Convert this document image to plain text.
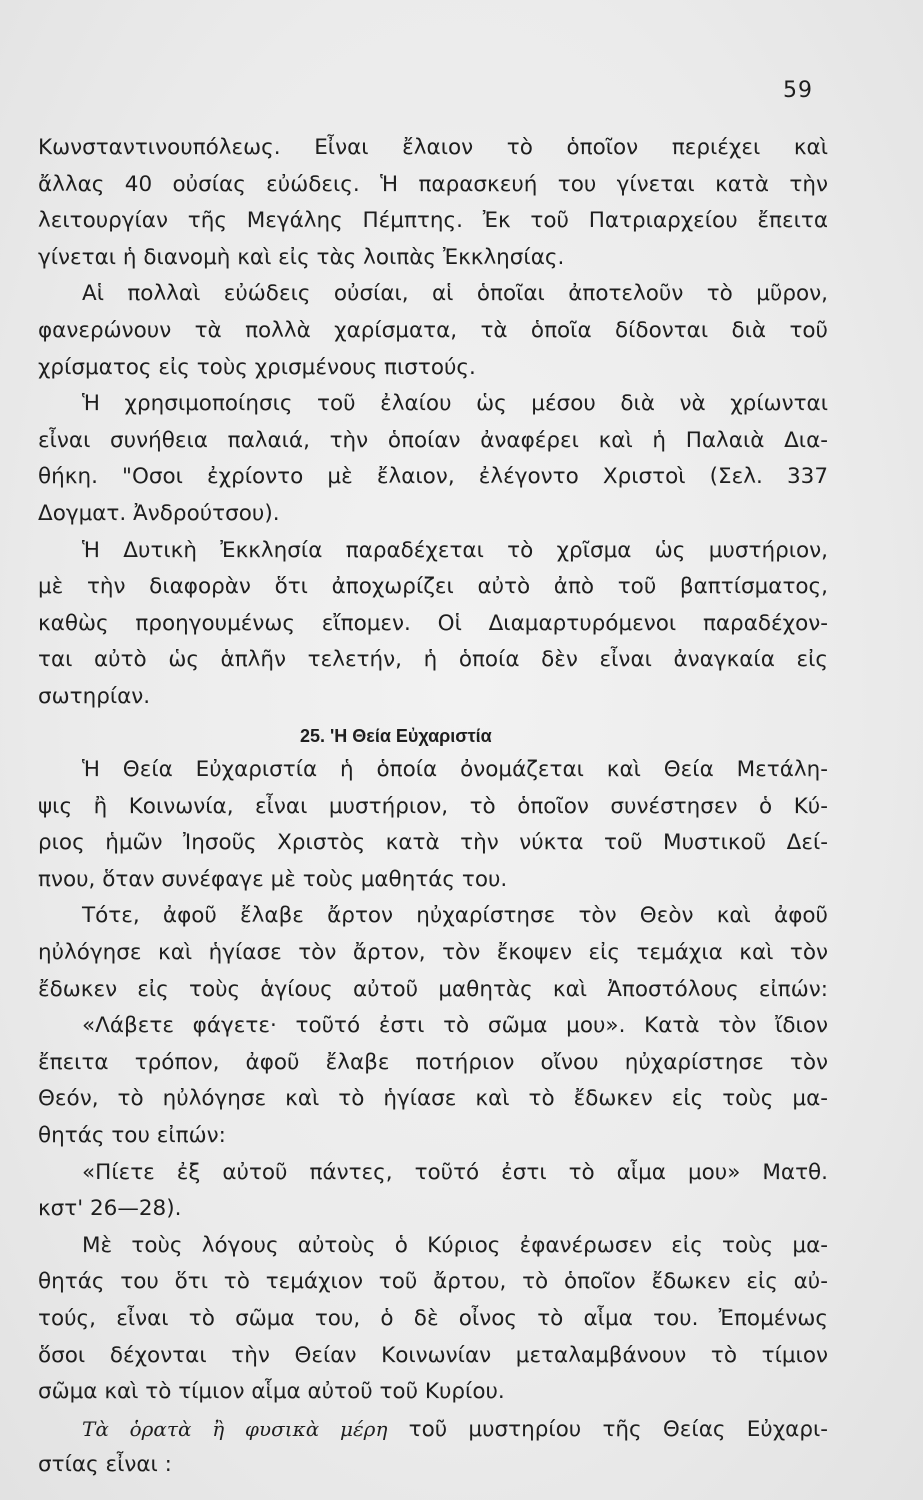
59
Κωνσταντινουπόλεως. Εἶναι ἔλαιον τὸ ὁποῖον περιέχει καὶ
ἄλλας 40 οὐσίας εὐώδεις. Ἡ παρασκευή του γίνεται κατὰ τὴν
λειτουργίαν τῆς Μεγάλης Πέμπτης. Ἐκ τοῦ Πατριαρχείου ἔπειτα
γίνεται ἡ διανομὴ καὶ εἰς τὰς λοιπὰς Ἐκκλησίας.
Αἱ πολλαὶ εὐώδεις οὐσίαι, αἱ ὁποῖαι ἀποτελοῦν τὸ μῦρον,
φανερώνουν τὰ πολλὰ χαρίσματα, τὰ ὁποῖα δίδονται διὰ τοῦ
χρίσματος εἰς τοὺς χρισμένους πιστούς.
Ἡ χρησιμοποίησις τοῦ ἐλαίου ὡς μέσου διὰ νὰ χρίωνται
εἶναι συνήθεια παλαιά, τὴν ὁποίαν ἀναφέρει καὶ ἡ Παλαιὰ Δια-
θήκη. "Οσοι ἐχρίοντο μὲ ἔλαιον, ἐλέγοντο Χριστοὶ (Σελ. 337
Δογματ. Ἀνδρούτσου).
Ἡ Δυτικὴ Ἐκκλησία παραδέχεται τὸ χρῖσμα ὡς μυστήριον,
μὲ τὴν διαφορὰν ὅτι ἀποχωρίζει αὐτὸ ἀπὸ τοῦ βαπτίσματος,
καθὼς προηγουμένως εἴπομεν. Οἱ Διαμαρτυρόμενοι παραδέχον-
ται αὐτὸ ὡς ἁπλῆν τελετήν, ἡ ὁποία δὲν εἶναι ἀναγκαία εἰς
σωτηρίαν.
25. 'Η Θεία Εὐχαριστία
Ἡ Θεία Εὐχαριστία ἡ ὁποία ὀνομάζεται καὶ Θεία Μετάλη-
ψις ἢ Κοινωνία, εἶναι μυστήριον, τὸ ὁποῖον συνέστησεν ὁ Κύ-
ριος ἡμῶν Ἰησοῦς Χριστὸς κατὰ τὴν νύκτα τοῦ Μυστικοῦ Δεί-
πνου, ὅταν συνέφαγε μὲ τοὺς μαθητάς του.
Τότε, ἀφοῦ ἔλαβε ἄρτον ηὐχαρίστησε τὸν Θεὸν καὶ ἀφοῦ
ηὐλόγησε καὶ ἡγίασε τὸν ἄρτον, τὸν ἔκοψεν εἰς τεμάχια καὶ τὸν
ἔδωκεν εἰς τοὺς ἁγίους αὐτοῦ μαθητὰς καὶ Ἀποστόλους εἰπών:
«Λάβετε φάγετε· τοῦτό ἐστι τὸ σῶμα μου». Κατὰ τὸν ἴδιον
ἔπειτα τρόπον, ἀφοῦ ἔλαβε ποτήριον οἴνου ηὐχαρίστησε τὸν
Θεόν, τὸ ηὐλόγησε καὶ τὸ ἡγίασε καὶ τὸ ἔδωκεν εἰς τοὺς μα-
θητάς του εἰπών:
«Πίετε ἐξ αὐτοῦ πάντες, τοῦτό ἐστι τὸ αἷμα μου» Ματθ.
κστ' 26—28).
Μὲ τοὺς λόγους αὐτοὺς ὁ Κύριος ἐφανέρωσεν εἰς τοὺς μα-
θητάς του ὅτι τὸ τεμάχιον τοῦ ἄρτου, τὸ ὁποῖον ἔδωκεν εἰς αὐ-
τούς, εἶναι τὸ σῶμα του, ὁ δὲ οἶνος τὸ αἷμα του. Ἐπομένως
ὅσοι δέχονται τὴν Θείαν Κοινωνίαν μεταλαμβάνουν τὸ τίμιον
σῶμα καὶ τὸ τίμιον αἷμα αὐτοῦ τοῦ Κυρίου.
Τὰ ὁρατὰ ἢ φυσικὰ μέρη τοῦ μυστηρίου τῆς Θείας Εὐχαρι-
στίας εἶναι :
